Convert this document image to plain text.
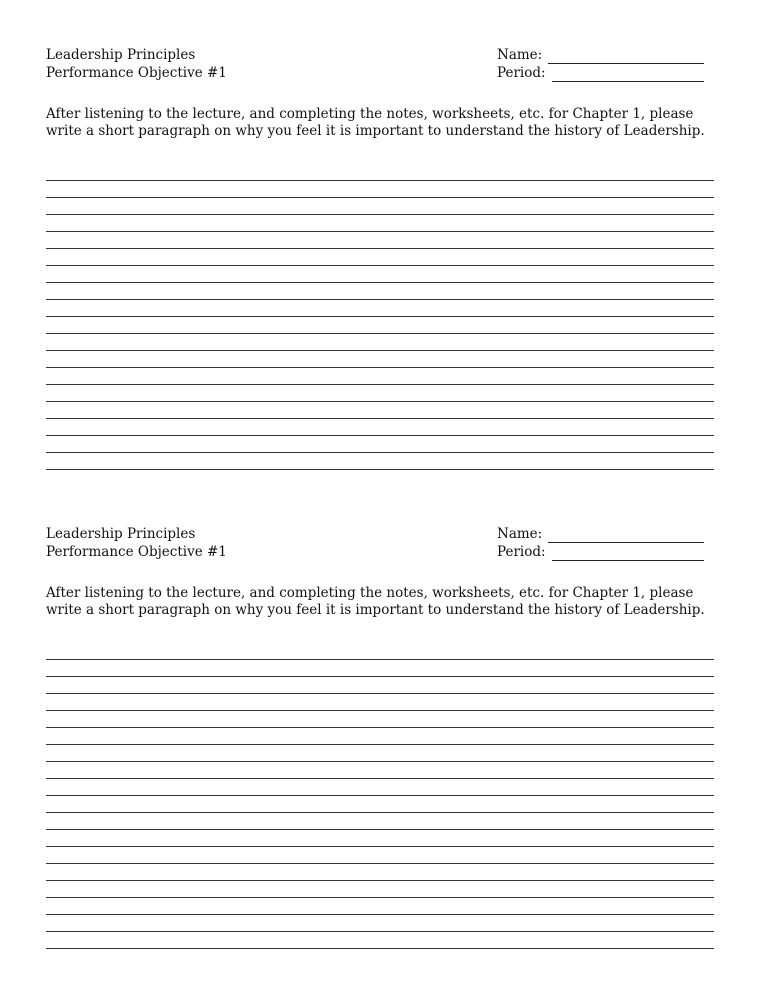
Leadership Principles
Performance Objective #1
Name:
Period:
After listening to the lecture, and completing the notes, worksheets, etc. for Chapter 1, please write a short paragraph on why you feel it is important to understand the history of Leadership.
Leadership Principles
Performance Objective #1
Name:
Period:
After listening to the lecture, and completing the notes, worksheets, etc. for Chapter 1, please write a short paragraph on why you feel it is important to understand the history of Leadership.
